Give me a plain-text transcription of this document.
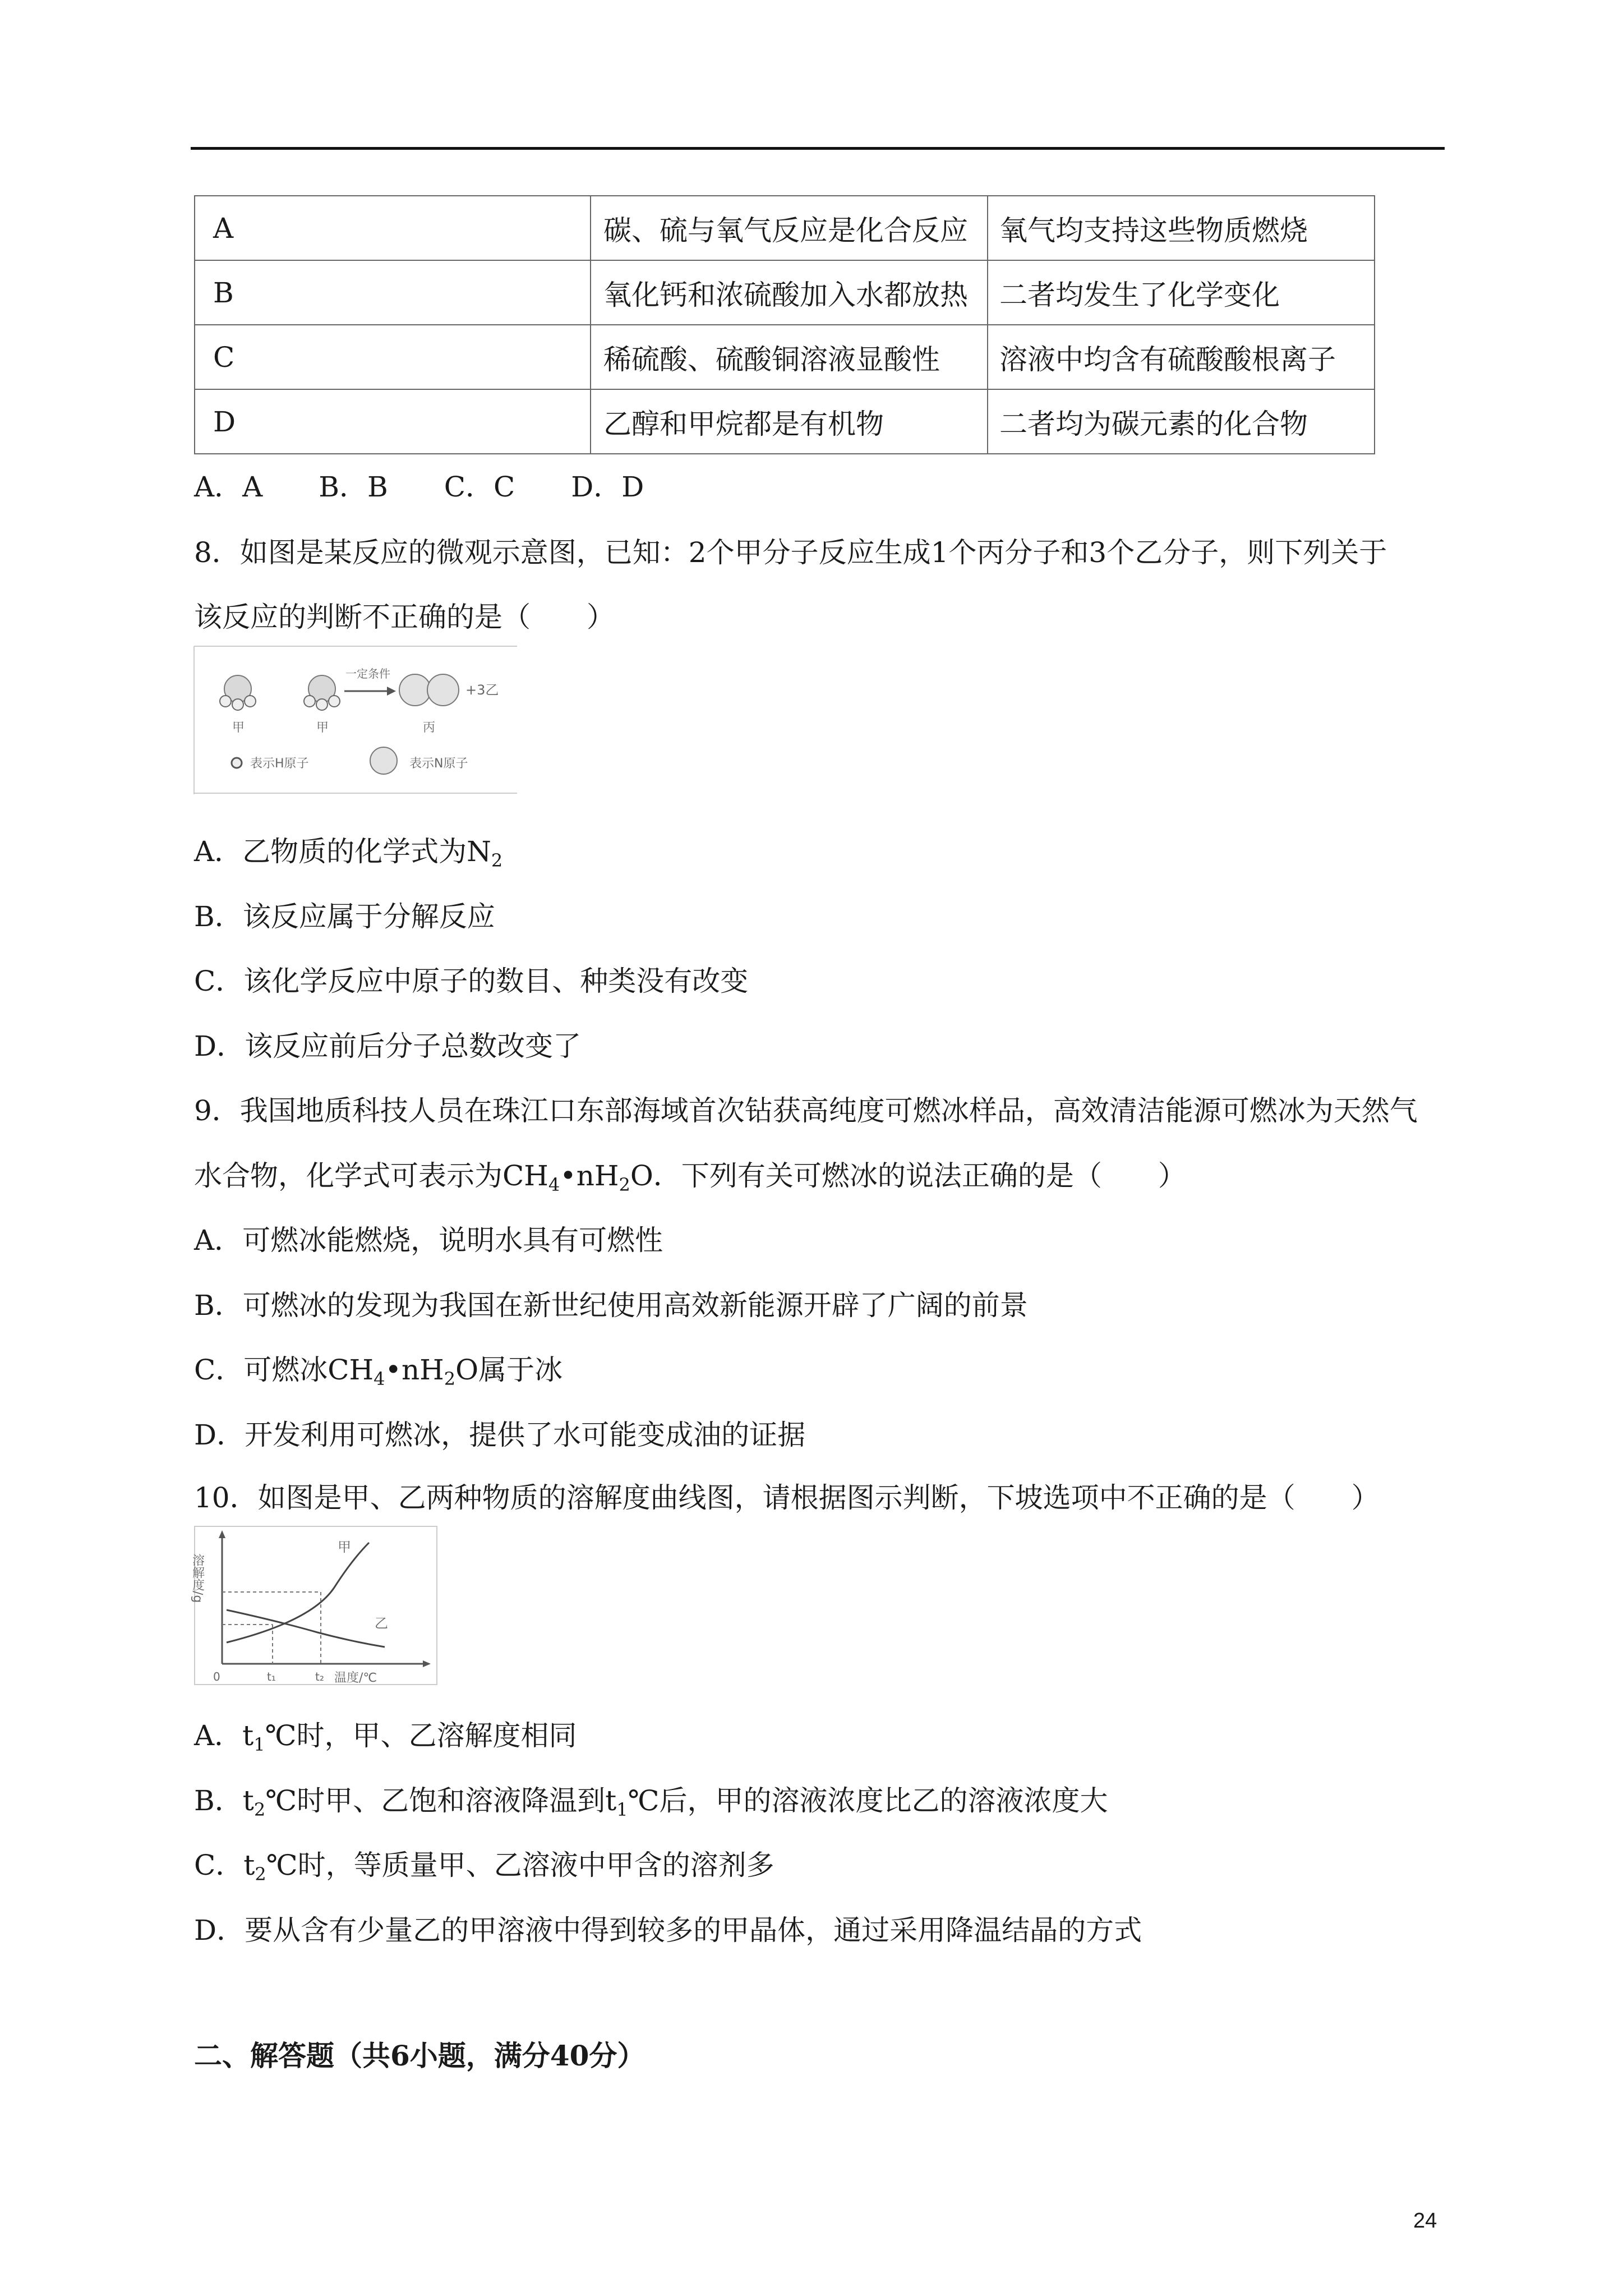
A	碳、硫与氧气反应是化合反应	氧气均支持这些物质燃烧
B	氧化钙和浓硫酸加入水都放热	二者均发生了化学变化
C	稀硫酸、硫酸铜溶液显酸性	溶液中均含有硫酸酸根离子
D	乙醇和甲烷都是有机物	二者均为碳元素的化合物
A．A　　B．B　　C．C　　D．D
8．如图是某反应的微观示意图，已知：2个甲分子反应生成1个丙分子和3个乙分子，则下列关于
该反应的判断不正确的是（　　）
一定条件
+3乙
甲	甲	丙
表示H原子	表示N原子
A．乙物质的化学式为$N_2$
B．该反应属于分解反应
C．该化学反应中原子的数目、种类没有改变
D．该反应前后分子总数改变了
9．我国地质科技人员在珠江口东部海域首次钻获高纯度可燃冰样品，高效清洁能源可燃冰为天然气
水合物，化学式可表示为$CH_4•nH_2O$．下列有关可燃冰的说法正确的是（　　）
A．可燃冰能燃烧，说明水具有可燃性
B．可燃冰的发现为我国在新世纪使用高效新能源开辟了广阔的前景
C．可燃冰$CH_4•nH_2O$属于冰
D．开发利用可燃冰，提供了水可能变成油的证据
10．如图是甲、乙两种物质的溶解度曲线图，请根据图示判断，下坡选项中不正确的是（　　）
溶解度/g
温度/℃
0	t₁	t₂
甲
乙
A．$t_1℃$时，甲、乙溶解度相同
B．$t_2℃$时甲、乙饱和溶液降温到$t_1℃$后，甲的溶液浓度比乙的溶液浓度大
C．$t_2℃$时，等质量甲、乙溶液中甲含的溶剂多
D．要从含有少量乙的甲溶液中得到较多的甲晶体，通过采用降温结晶的方式
二、解答题（共6小题，满分40分）
24
